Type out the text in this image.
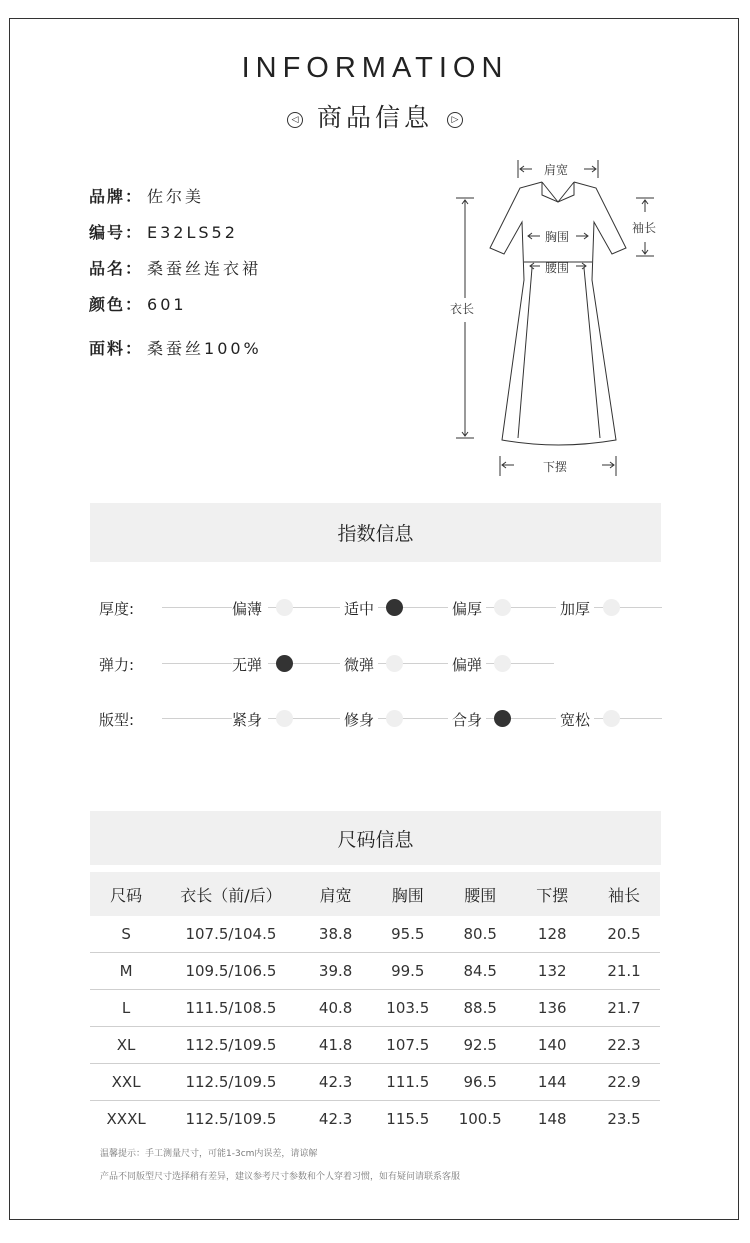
INFORMATION
◁ 商品信息 ▷
品牌： 佐尔美
编号： E32LS52
品名： 桑蚕丝连衣裙
颜色： 601
面料： 桑蚕丝100%
肩宽
袖长
胸围
腰围
衣长
下摆
指数信息
厚度:	偏薄	适中	偏厚	加厚
弹力:	无弹	微弹	偏弹
版型:	紧身	修身	合身	宽松
尺码信息
尺码	衣长（前/后）	肩宽	胸围	腰围	下摆	袖长
S	107.5/104.5	38.8	95.5	80.5	128	20.5
M	109.5/106.5	39.8	99.5	84.5	132	21.1
L	111.5/108.5	40.8	103.5	88.5	136	21.7
XL	112.5/109.5	41.8	107.5	92.5	140	22.3
XXL	112.5/109.5	42.3	111.5	96.5	144	22.9
XXXL	112.5/109.5	42.3	115.5	100.5	148	23.5
温馨提示：手工测量尺寸，可能1-3cm内误差，请谅解
产品不同版型尺寸选择稍有差异，建议参考尺寸参数和个人穿着习惯，如有疑问请联系客服
